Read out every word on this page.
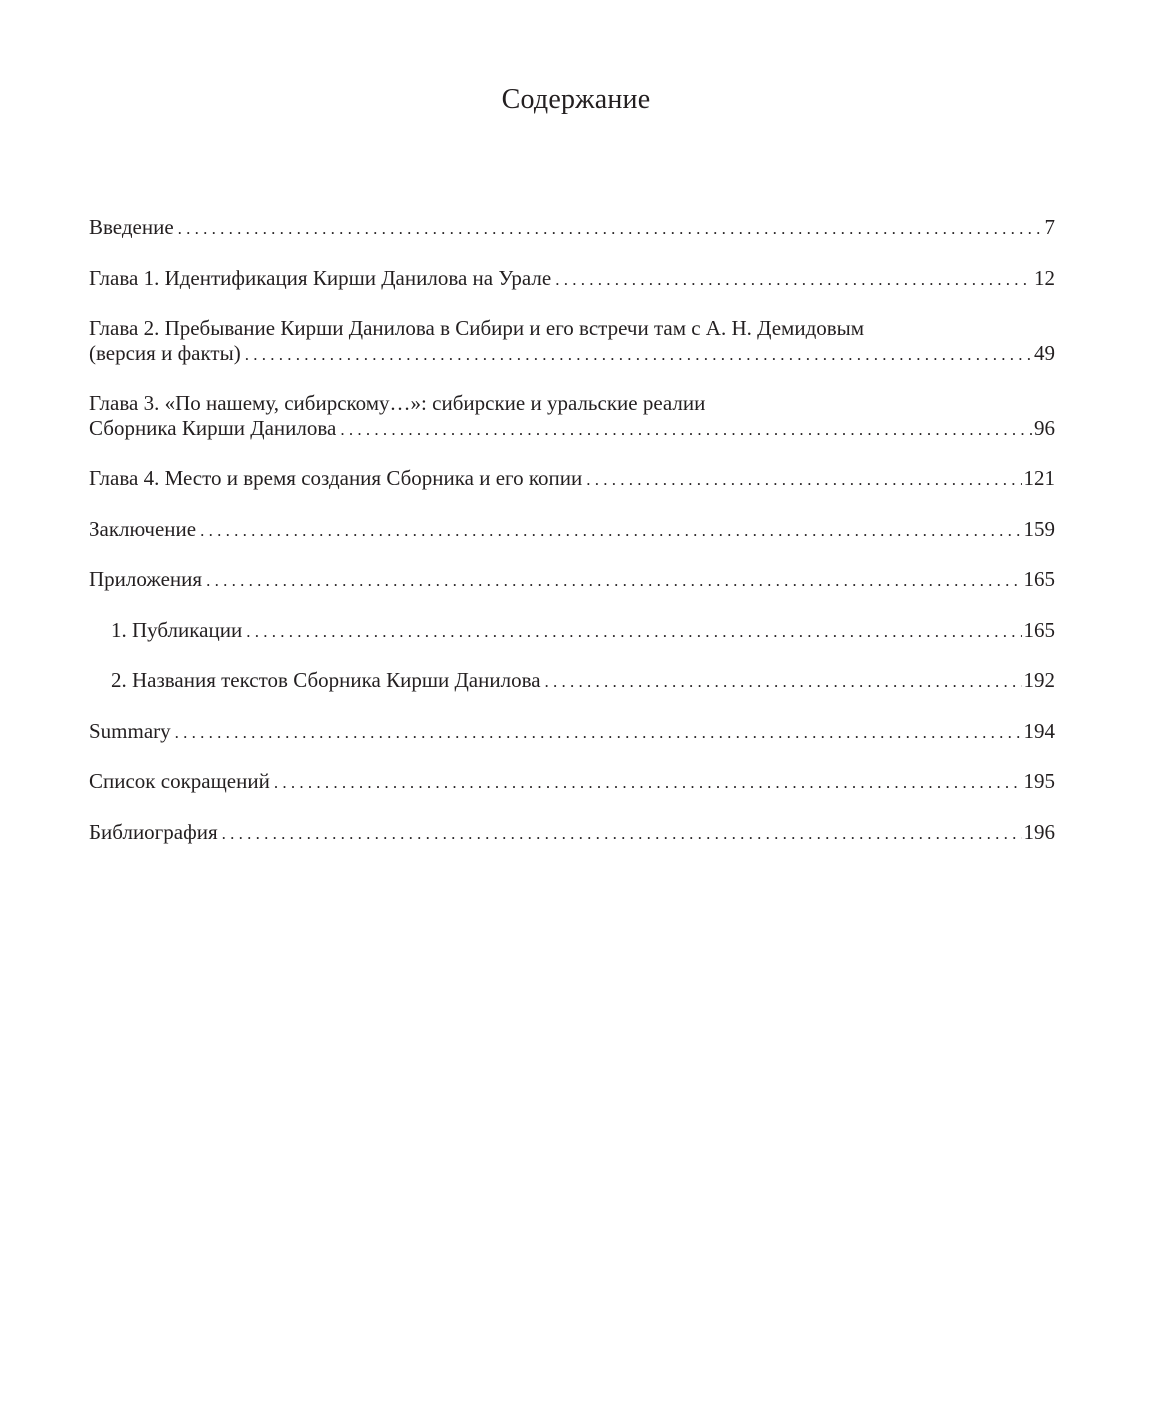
Содержание
Введение . . .	7
Глава 1. Идентификация Кирши Данилова на Урале . . .	12
Глава 2. Пребывание Кирши Данилова в Сибири и его встречи там с А. Н. Демидовым
(версия и факты) . . .	49
Глава 3. «По нашему, сибирскому…»: сибирские и уральские реалии
Сборника Кирши Данилова . . .	96
Глава 4. Место и время создания Сборника и его копии . . .	121
Заключение . . .	159
Приложения . . .	165
1. Публикации . . .	165
2. Названия текстов Сборника Кирши Данилова . . .	192
Summary . . .	194
Список сокращений . . .	195
Библиография . . .	196
